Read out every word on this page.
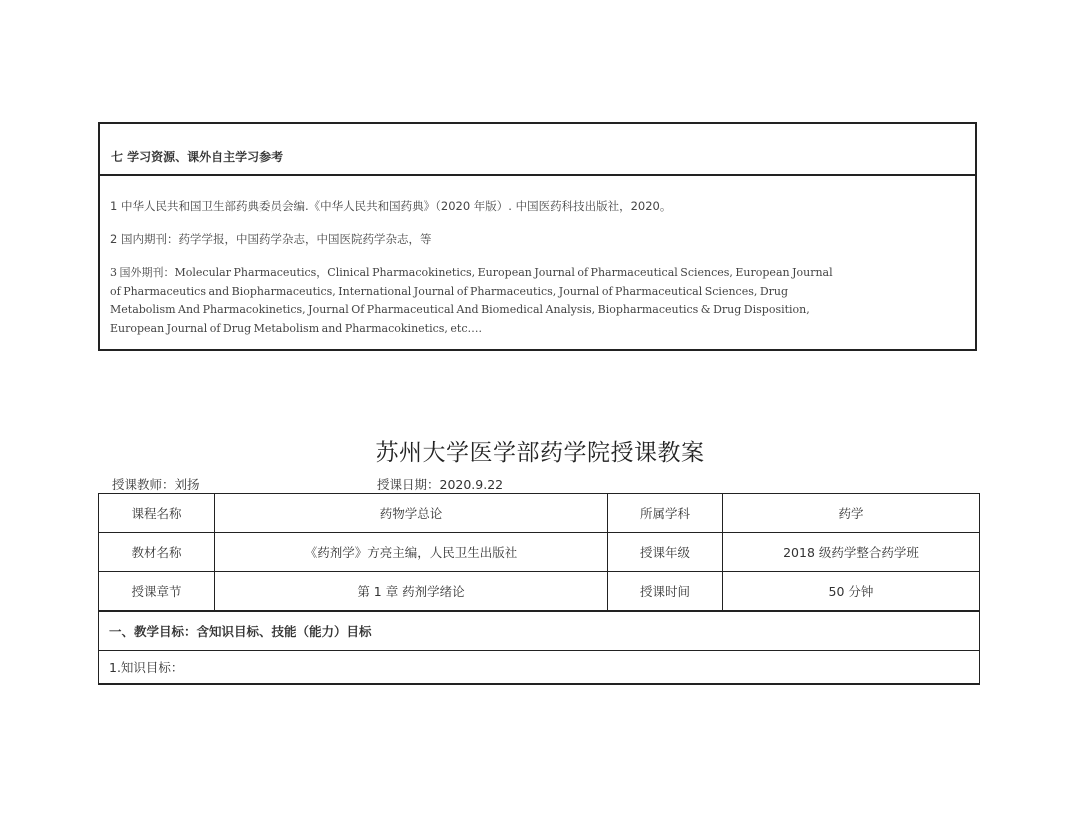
七 学习资源、课外自主学习参考
1 中华人民共和国卫生部药典委员会编.《中华人民共和国药典》（2020 年版）. 中国医药科技出版社，2020。
2 国内期刊：药学学报，中国药学杂志，中国医院药学杂志，等
3 国外期刊：Molecular Pharmaceutics，Clinical Pharmacokinetics, European Journal of Pharmaceutical Sciences, European Journal
of Pharmaceutics and Biopharmaceutics, International Journal of Pharmaceutics, Journal of Pharmaceutical Sciences, Drug
Metabolism And Pharmacokinetics, Journal Of Pharmaceutical And Biomedical Analysis, Biopharmaceutics & Drug Disposition,
European Journal of Drug Metabolism and Pharmacokinetics, etc….
苏州大学医学部药学院授课教案
授课教师：刘扬	授课日期：2020.9.22
课程名称	药物学总论	所属学科	药学
教材名称	《药剂学》方亮主编，人民卫生出版社	授课年级	2018 级药学整合药学班
授课章节	第 1 章 药剂学绪论	授课时间	50 分钟
一、教学目标：含知识目标、技能（能力）目标			
1.知识目标：			
